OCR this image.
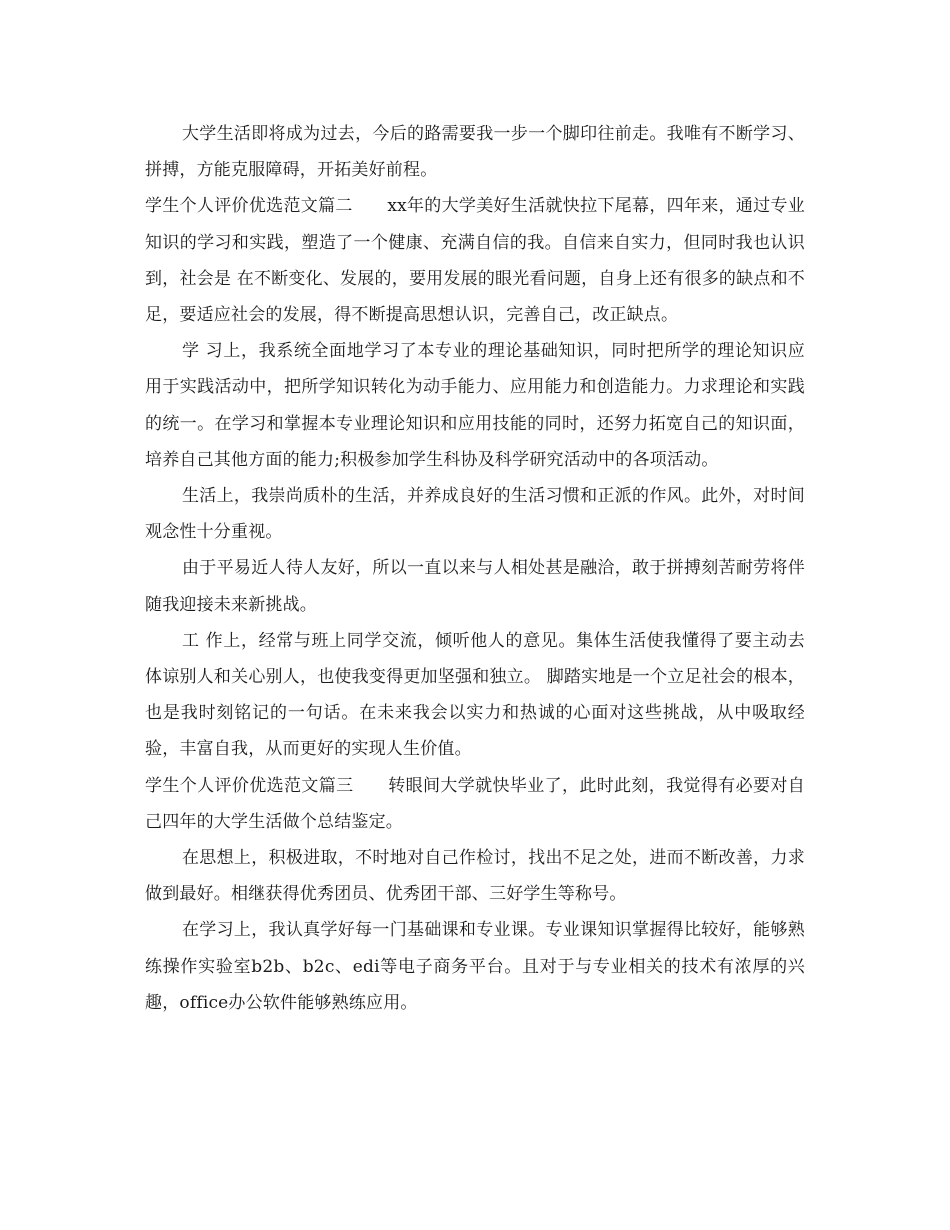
大学生活即将成为过去，今后的路需要我一步一个脚印往前走。我唯有不断学习、拼搏，方能克服障碍，开拓美好前程。

学生个人评价优选范文篇二　　xx年的大学美好生活就快拉下尾幕，四年来，通过专业知识的学习和实践，塑造了一个健康、充满自信的我。自信来自实力，但同时我也认识到，社会是 在不断变化、发展的，要用发展的眼光看问题，自身上还有很多的缺点和不足，要适应社会的发展，得不断提高思想认识，完善自己，改正缺点。

学 习上，我系统全面地学习了本专业的理论基础知识，同时把所学的理论知识应用于实践活动中，把所学知识转化为动手能力、应用能力和创造能力。力求理论和实践 的统一。在学习和掌握本专业理论知识和应用技能的同时，还努力拓宽自己的知识面，培养自己其他方面的能力;积极参加学生科协及科学研究活动中的各项活动。

生活上，我崇尚质朴的生活，并养成良好的生活习惯和正派的作风。此外，对时间观念性十分重视。

由于平易近人待人友好，所以一直以来与人相处甚是融洽，敢于拼搏刻苦耐劳将伴随我迎接未来新挑战。

工 作上，经常与班上同学交流，倾听他人的意见。集体生活使我懂得了要主动去体谅别人和关心别人，也使我变得更加坚强和独立。 脚踏实地是一个立足社会的根本，也是我时刻铭记的一句话。在未来我会以实力和热诚的心面对这些挑战，从中吸取经验，丰富自我，从而更好的实现人生价值。

学生个人评价优选范文篇三　　转眼间大学就快毕业了，此时此刻，我觉得有必要对自己四年的大学生活做个总结鉴定。

在思想上，积极进取，不时地对自己作检讨，找出不足之处，进而不断改善，力求做到最好。相继获得优秀团员、优秀团干部、三好学生等称号。

在学习上，我认真学好每一门基础课和专业课。专业课知识掌握得比较好，能够熟练操作实验室b2b、b2c、edi等电子商务平台。且对于与专业相关的技术有浓厚的兴趣，office办公软件能够熟练应用。
